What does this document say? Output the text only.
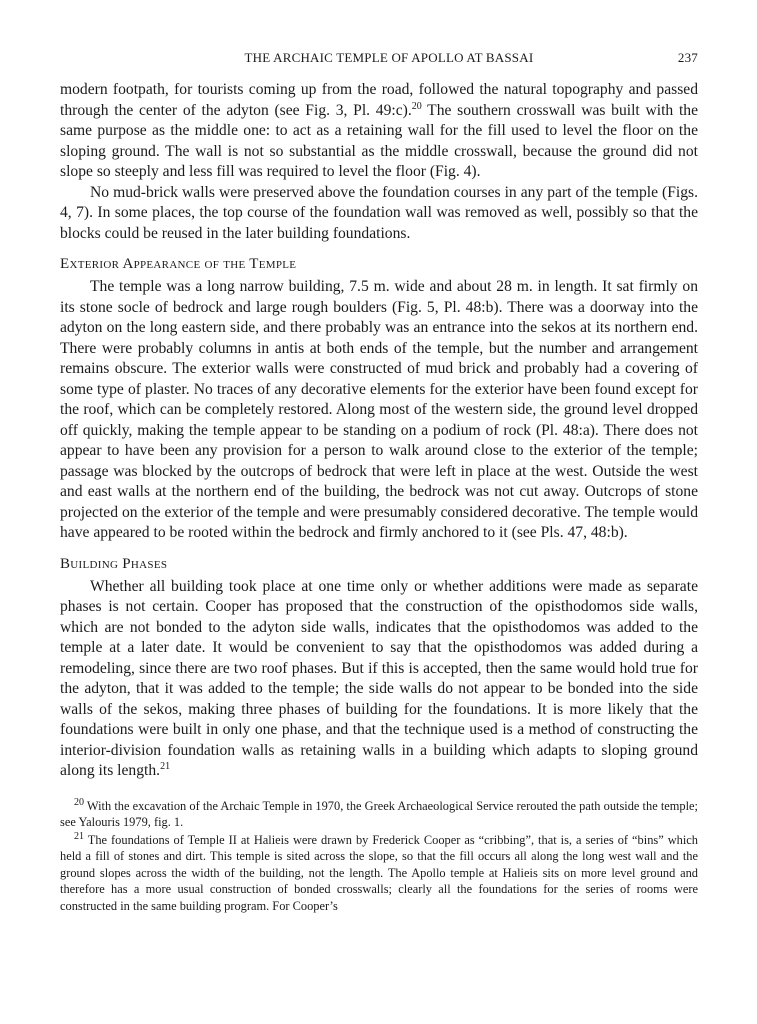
THE ARCHAIC TEMPLE OF APOLLO AT BASSAI	237

modern footpath, for tourists coming up from the road, followed the natural topography and passed through the center of the adyton (see Fig. 3, Pl. 49:c).$^{20}$ The southern crosswall was built with the same purpose as the middle one: to act as a retaining wall for the fill used to level the floor on the sloping ground. The wall is not so substantial as the middle crosswall, because the ground did not slope so steeply and less fill was required to level the floor (Fig. 4).

No mud-brick walls were preserved above the foundation courses in any part of the temple (Figs. 4, 7). In some places, the top course of the foundation wall was removed as well, possibly so that the blocks could be reused in the later building foundations.

Exterior Appearance of the Temple

The temple was a long narrow building, 7.5 m. wide and about 28 m. in length. It sat firmly on its stone socle of bedrock and large rough boulders (Fig. 5, Pl. 48:b). There was a doorway into the adyton on the long eastern side, and there probably was an entrance into the sekos at its northern end. There were probably columns in antis at both ends of the temple, but the number and arrangement remains obscure. The exterior walls were constructed of mud brick and probably had a covering of some type of plaster. No traces of any decorative elements for the exterior have been found except for the roof, which can be completely restored. Along most of the western side, the ground level dropped off quickly, making the temple appear to be standing on a podium of rock (Pl. 48:a). There does not appear to have been any provision for a person to walk around close to the exterior of the temple; passage was blocked by the outcrops of bedrock that were left in place at the west. Outside the west and east walls at the northern end of the building, the bedrock was not cut away. Outcrops of stone projected on the exterior of the temple and were presumably considered decorative. The temple would have appeared to be rooted within the bedrock and firmly anchored to it (see Pls. 47, 48:b).

Building Phases

Whether all building took place at one time only or whether additions were made as separate phases is not certain. Cooper has proposed that the construction of the opisthodomos side walls, which are not bonded to the adyton side walls, indicates that the opisthodomos was added to the temple at a later date. It would be convenient to say that the opisthodomos was added during a remodeling, since there are two roof phases. But if this is accepted, then the same would hold true for the adyton, that it was added to the temple; the side walls do not appear to be bonded into the side walls of the sekos, making three phases of building for the foundations. It is more likely that the foundations were built in only one phase, and that the technique used is a method of constructing the interior-division foundation walls as retaining walls in a building which adapts to sloping ground along its length.$^{21}$

$^{20}$ With the excavation of the Archaic Temple in 1970, the Greek Archaeological Service rerouted the path outside the temple; see Yalouris 1979, fig. 1.

$^{21}$ The foundations of Temple II at Halieis were drawn by Frederick Cooper as “cribbing”, that is, a series of “bins” which held a fill of stones and dirt. This temple is sited across the slope, so that the fill occurs all along the long west wall and the ground slopes across the width of the building, not the length. The Apollo temple at Halieis sits on more level ground and therefore has a more usual construction of bonded crosswalls; clearly all the foundations for the series of rooms were constructed in the same building program. For Cooper’s
